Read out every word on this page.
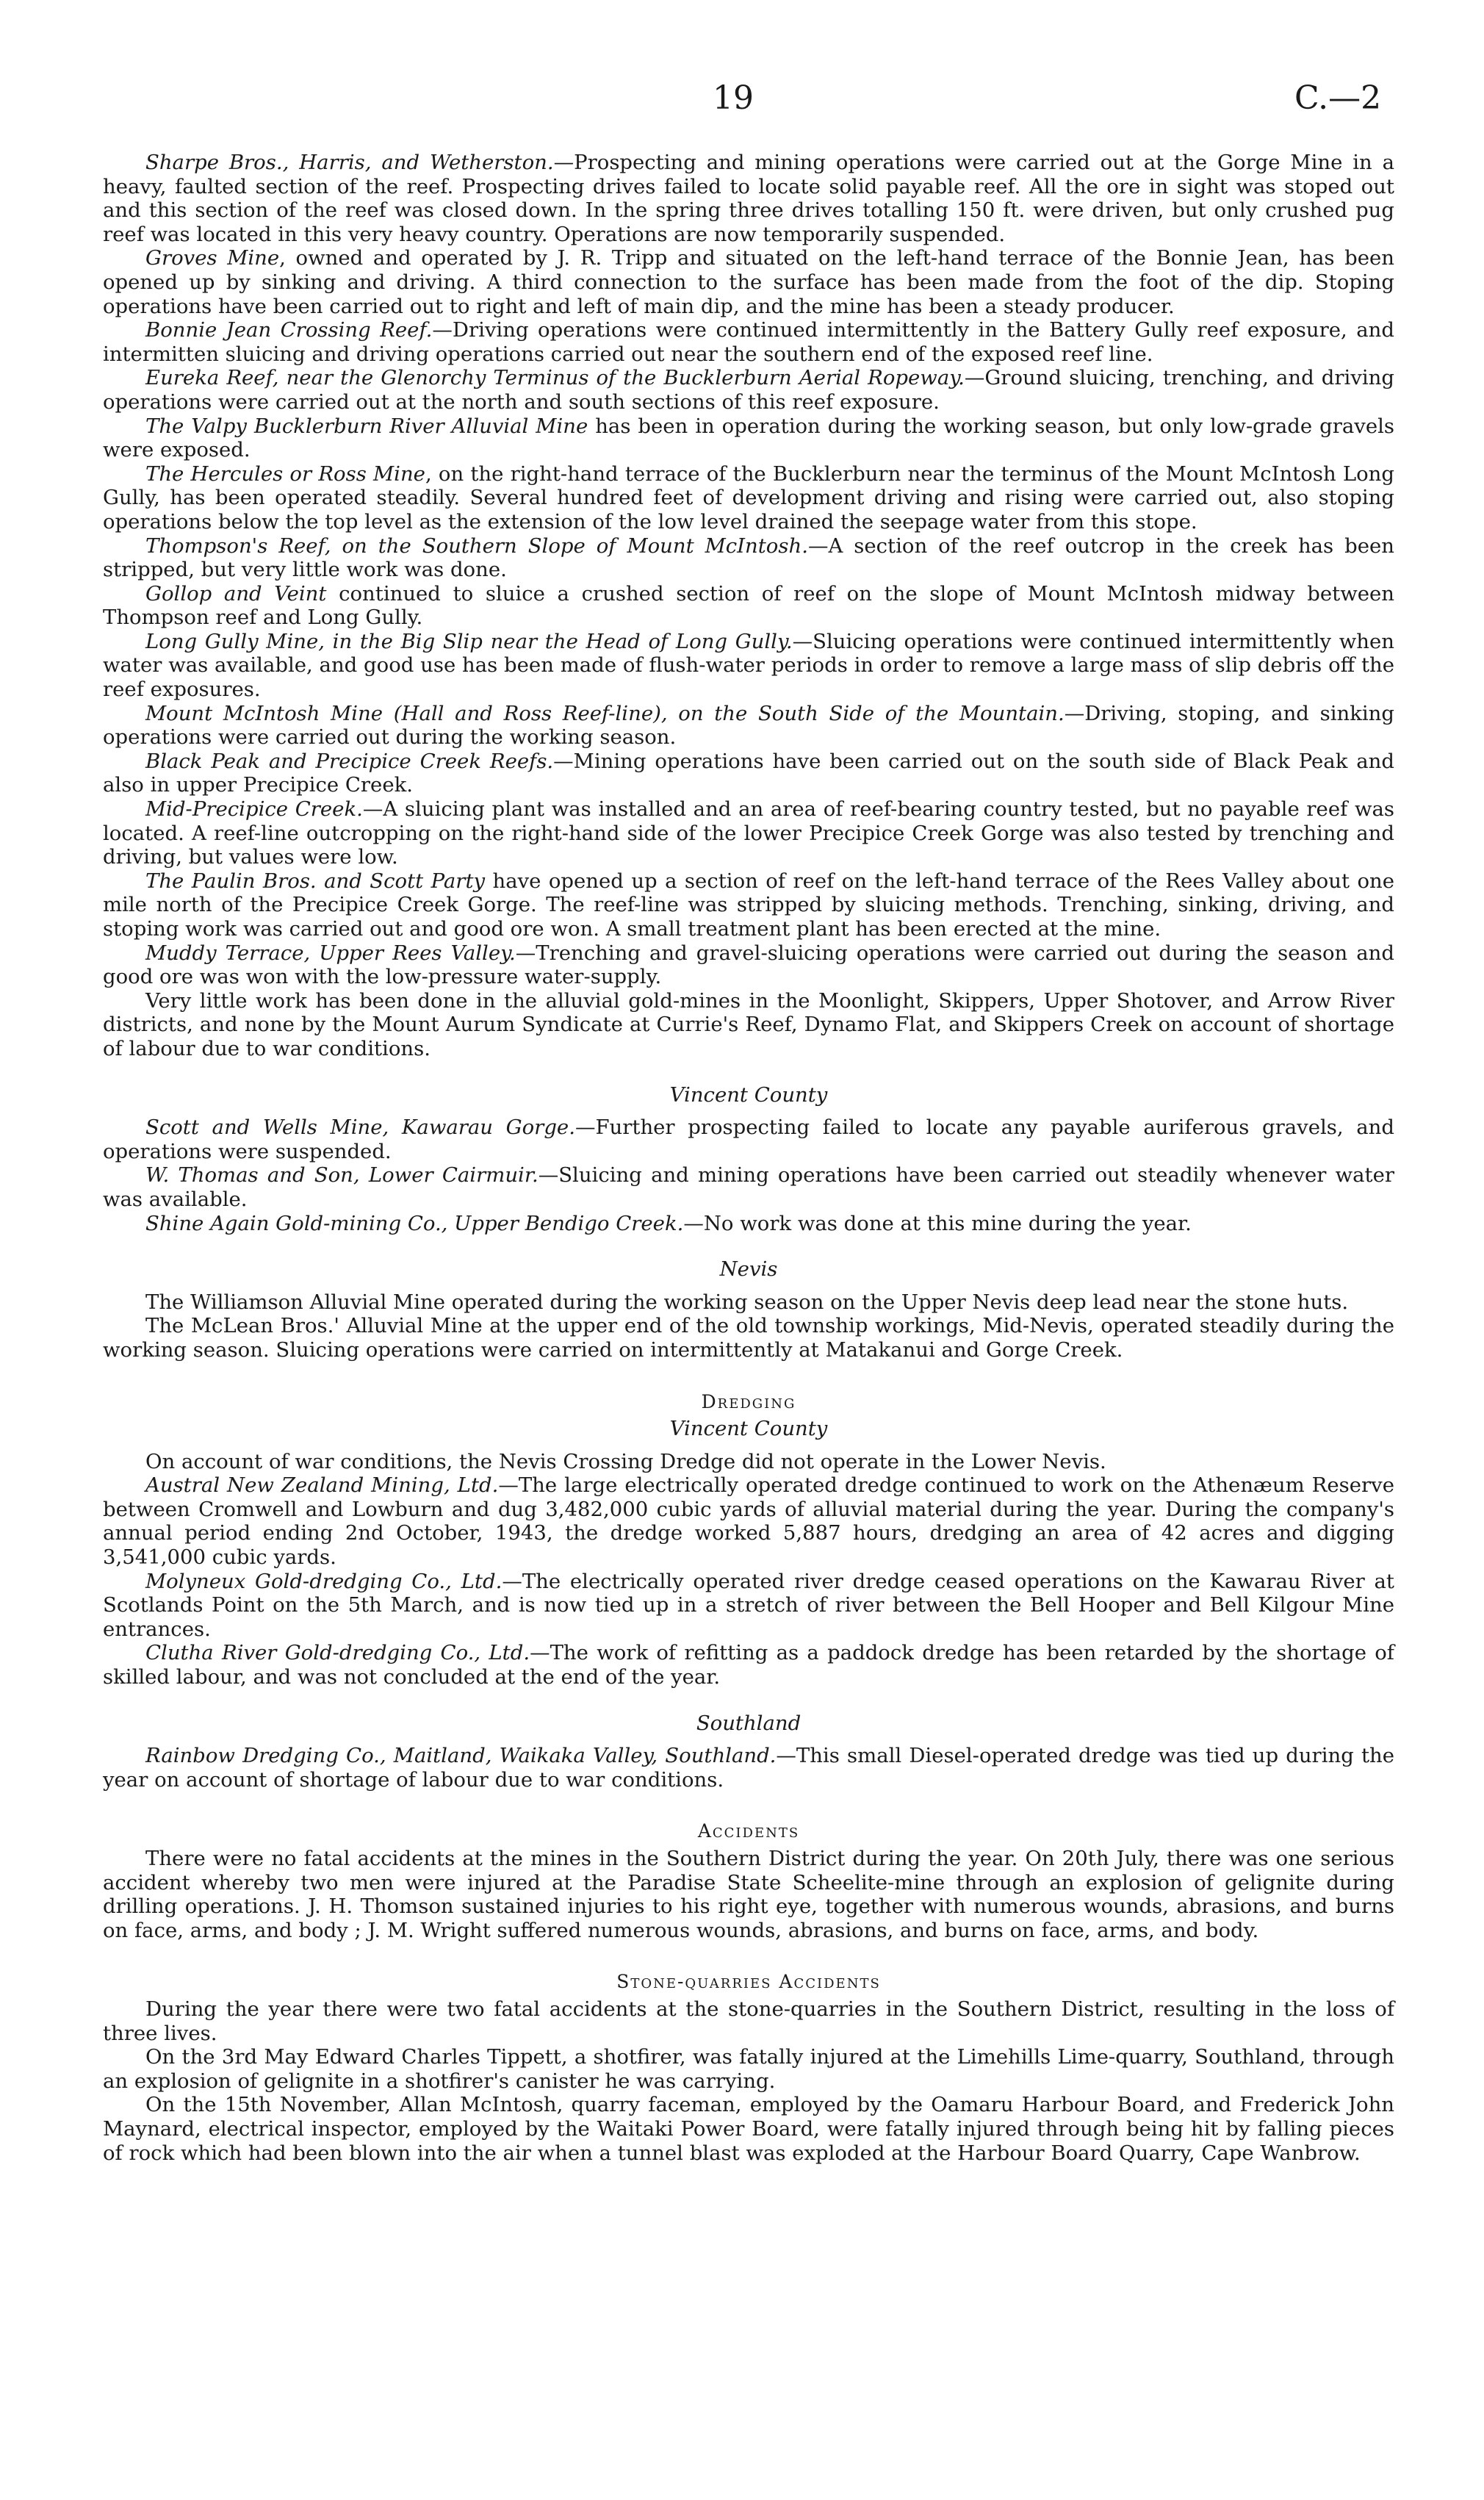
19	C.—2

Sharpe Bros., Harris, and Wetherston.—Prospecting and mining operations were carried out at the Gorge Mine in a heavy, faulted section of the reef. Prospecting drives failed to locate solid payable reef. All the ore in sight was stoped out and this section of the reef was closed down. In the spring three drives totalling 150 ft. were driven, but only crushed pug reef was located in this very heavy country. Operations are now temporarily suspended.

Groves Mine, owned and operated by J. R. Tripp and situated on the left-hand terrace of the Bonnie Jean, has been opened up by sinking and driving. A third connection to the surface has been made from the foot of the dip. Stoping operations have been carried out to right and left of main dip, and the mine has been a steady producer.

Bonnie Jean Crossing Reef.—Driving operations were continued intermittently in the Battery Gully reef exposure, and intermitten sluicing and driving operations carried out near the southern end of the exposed reef line.

Eureka Reef, near the Glenorchy Terminus of the Bucklerburn Aerial Ropeway.—Ground sluicing, trenching, and driving operations were carried out at the north and south sections of this reef exposure.

The Valpy Bucklerburn River Alluvial Mine has been in operation during the working season, but only low-grade gravels were exposed.

The Hercules or Ross Mine, on the right-hand terrace of the Bucklerburn near the terminus of the Mount McIntosh Long Gully, has been operated steadily. Several hundred feet of development driving and rising were carried out, also stoping operations below the top level as the extension of the low level drained the seepage water from this stope.

Thompson's Reef, on the Southern Slope of Mount McIntosh.—A section of the reef outcrop in the creek has been stripped, but very little work was done.

Gollop and Veint continued to sluice a crushed section of reef on the slope of Mount McIntosh midway between Thompson reef and Long Gully.

Long Gully Mine, in the Big Slip near the Head of Long Gully.—Sluicing operations were continued intermittently when water was available, and good use has been made of flush-water periods in order to remove a large mass of slip debris off the reef exposures.

Mount McIntosh Mine (Hall and Ross Reef-line), on the South Side of the Mountain.—Driving, stoping, and sinking operations were carried out during the working season.

Black Peak and Precipice Creek Reefs.—Mining operations have been carried out on the south side of Black Peak and also in upper Precipice Creek.

Mid-Precipice Creek.—A sluicing plant was installed and an area of reef-bearing country tested, but no payable reef was located. A reef-line outcropping on the right-hand side of the lower Precipice Creek Gorge was also tested by trenching and driving, but values were low.

The Paulin Bros. and Scott Party have opened up a section of reef on the left-hand terrace of the Rees Valley about one mile north of the Precipice Creek Gorge. The reef-line was stripped by sluicing methods. Trenching, sinking, driving, and stoping work was carried out and good ore won. A small treatment plant has been erected at the mine.

Muddy Terrace, Upper Rees Valley.—Trenching and gravel-sluicing operations were carried out during the season and good ore was won with the low-pressure water-supply.

Very little work has been done in the alluvial gold-mines in the Moonlight, Skippers, Upper Shotover, and Arrow River districts, and none by the Mount Aurum Syndicate at Currie's Reef, Dynamo Flat, and Skippers Creek on account of shortage of labour due to war conditions.

Vincent County

Scott and Wells Mine, Kawarau Gorge.—Further prospecting failed to locate any payable auriferous gravels, and operations were suspended.

W. Thomas and Son, Lower Cairmuir.—Sluicing and mining operations have been carried out steadily whenever water was available.

Shine Again Gold-mining Co., Upper Bendigo Creek.—No work was done at this mine during the year.

Nevis

The Williamson Alluvial Mine operated during the working season on the Upper Nevis deep lead near the stone huts.

The McLean Bros.' Alluvial Mine at the upper end of the old township workings, Mid-Nevis, operated steadily during the working season. Sluicing operations were carried on intermittently at Matakanui and Gorge Creek.

Dredging
Vincent County

On account of war conditions, the Nevis Crossing Dredge did not operate in the Lower Nevis.

Austral New Zealand Mining, Ltd.—The large electrically operated dredge continued to work on the Athenæum Reserve between Cromwell and Lowburn and dug 3,482,000 cubic yards of alluvial material during the year. During the company's annual period ending 2nd October, 1943, the dredge worked 5,887 hours, dredging an area of 42 acres and digging 3,541,000 cubic yards.

Molyneux Gold-dredging Co., Ltd.—The electrically operated river dredge ceased operations on the Kawarau River at Scotlands Point on the 5th March, and is now tied up in a stretch of river between the Bell Hooper and Bell Kilgour Mine entrances.

Clutha River Gold-dredging Co., Ltd.—The work of refitting as a paddock dredge has been retarded by the shortage of skilled labour, and was not concluded at the end of the year.

Southland

Rainbow Dredging Co., Maitland, Waikaka Valley, Southland.—This small Diesel-operated dredge was tied up during the year on account of shortage of labour due to war conditions.

Accidents

There were no fatal accidents at the mines in the Southern District during the year. On 20th July, there was one serious accident whereby two men were injured at the Paradise State Scheelite-mine through an explosion of gelignite during drilling operations. J. H. Thomson sustained injuries to his right eye, together with numerous wounds, abrasions, and burns on face, arms, and body ; J. M. Wright suffered numerous wounds, abrasions, and burns on face, arms, and body.

Stone-quarries Accidents

During the year there were two fatal accidents at the stone-quarries in the Southern District, resulting in the loss of three lives.

On the 3rd May Edward Charles Tippett, a shotfirer, was fatally injured at the Limehills Lime-quarry, Southland, through an explosion of gelignite in a shotfirer's canister he was carrying.

On the 15th November, Allan McIntosh, quarry faceman, employed by the Oamaru Harbour Board, and Frederick John Maynard, electrical inspector, employed by the Waitaki Power Board, were fatally injured through being hit by falling pieces of rock which had been blown into the air when a tunnel blast was exploded at the Harbour Board Quarry, Cape Wanbrow.
